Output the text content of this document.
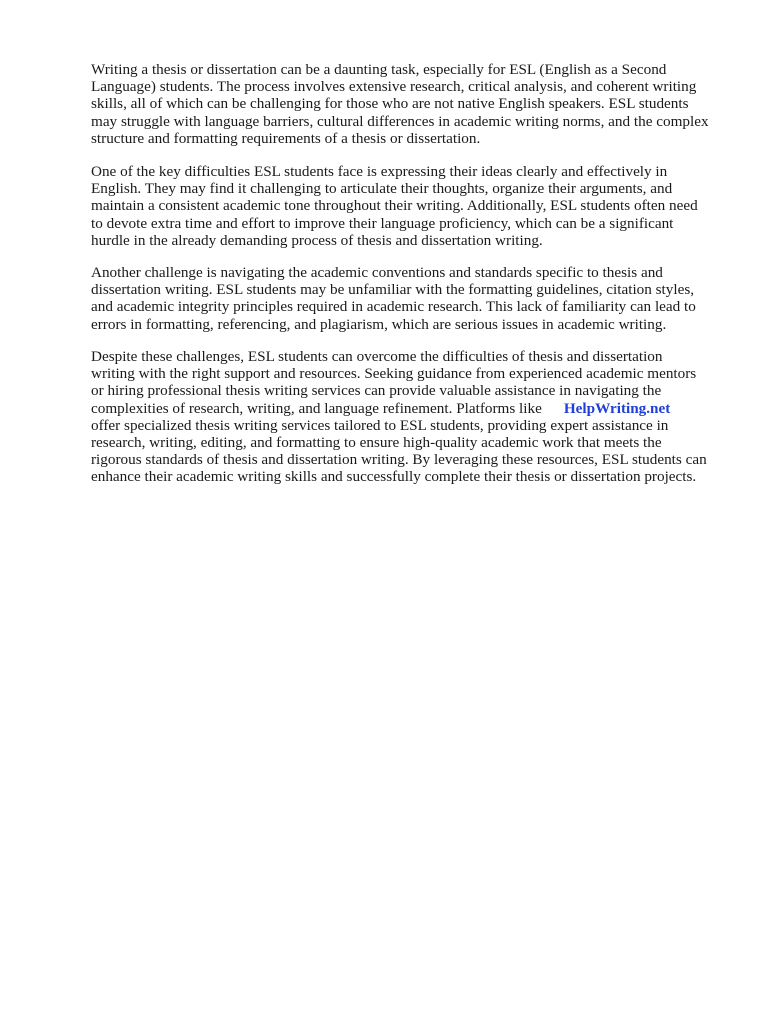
Writing a thesis or dissertation can be a daunting task, especially for ESL (English as a Second
Language) students. The process involves extensive research, critical analysis, and coherent writing
skills, all of which can be challenging for those who are not native English speakers. ESL students
may struggle with language barriers, cultural differences in academic writing norms, and the complex
structure and formatting requirements of a thesis or dissertation.
One of the key difficulties ESL students face is expressing their ideas clearly and effectively in
English. They may find it challenging to articulate their thoughts, organize their arguments, and
maintain a consistent academic tone throughout their writing. Additionally, ESL students often need
to devote extra time and effort to improve their language proficiency, which can be a significant
hurdle in the already demanding process of thesis and dissertation writing.
Another challenge is navigating the academic conventions and standards specific to thesis and
dissertation writing. ESL students may be unfamiliar with the formatting guidelines, citation styles,
and academic integrity principles required in academic research. This lack of familiarity can lead to
errors in formatting, referencing, and plagiarism, which are serious issues in academic writing.
Despite these challenges, ESL students can overcome the difficulties of thesis and dissertation
writing with the right support and resources. Seeking guidance from experienced academic mentors
or hiring professional thesis writing services can provide valuable assistance in navigating the
complexities of research, writing, and language refinement. Platforms like HelpWriting.net
offer specialized thesis writing services tailored to ESL students, providing expert assistance in
research, writing, editing, and formatting to ensure high-quality academic work that meets the
rigorous standards of thesis and dissertation writing. By leveraging these resources, ESL students can
enhance their academic writing skills and successfully complete their thesis or dissertation projects.
